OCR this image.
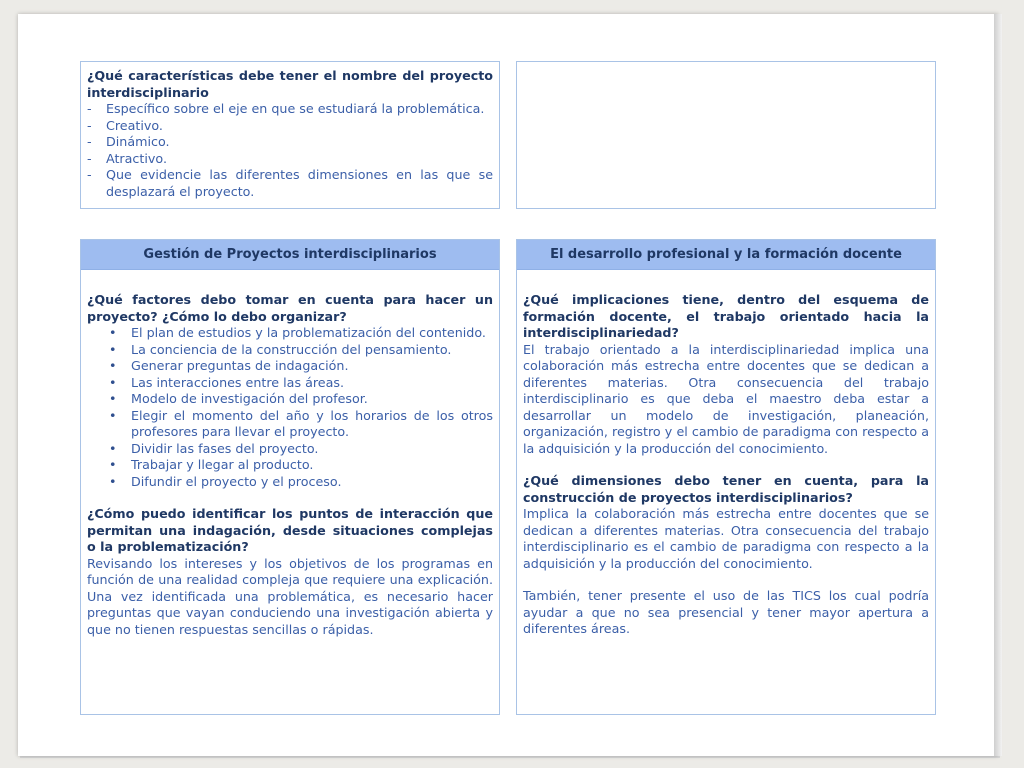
¿Qué características debe tener el nombre del proyecto interdisciplinario
- Específico sobre el eje en que se estudiará la problemática.
- Creativo.
- Dinámico.
- Atractivo.
- Que evidencie las diferentes dimensiones en las que se desplazará el proyecto.
Gestión de Proyectos interdisciplinarios
¿Qué factores debo tomar en cuenta para hacer un proyecto? ¿Cómo lo debo organizar?
• El plan de estudios y la problematización del contenido.
• La conciencia de la construcción del pensamiento.
• Generar preguntas de indagación.
• Las interacciones entre las áreas.
• Modelo de investigación del profesor.
• Elegir el momento del año y los horarios de los otros profesores para llevar el proyecto.
• Dividir las fases del proyecto.
• Trabajar y llegar al producto.
• Difundir el proyecto y el proceso.
¿Cómo puedo identificar los puntos de interacción que permitan una indagación, desde situaciones complejas o la problematización?
Revisando los intereses y los objetivos de los programas en función de una realidad compleja que requiere una explicación. Una vez identificada una problemática, es necesario hacer preguntas que vayan conduciendo una investigación abierta y que no tienen respuestas sencillas o rápidas.
El desarrollo profesional y la formación docente
¿Qué implicaciones tiene, dentro del esquema de formación docente, el trabajo orientado hacia la interdisciplinariedad?
El trabajo orientado a la interdisciplinariedad implica una colaboración más estrecha entre docentes que se dedican a diferentes materias. Otra consecuencia del trabajo interdisciplinario es que deba el maestro deba estar a desarrollar un modelo de investigación, planeación, organización, registro y el cambio de paradigma con respecto a la adquisición y la producción del conocimiento.
¿Qué dimensiones debo tener en cuenta, para la construcción de proyectos interdisciplinarios?
Implica la colaboración más estrecha entre docentes que se dedican a diferentes materias. Otra consecuencia del trabajo interdisciplinario es el cambio de paradigma con respecto a la adquisición y la producción del conocimiento.
También, tener presente el uso de las TICS los cual podría ayudar a que no sea presencial y tener mayor apertura a diferentes áreas.
